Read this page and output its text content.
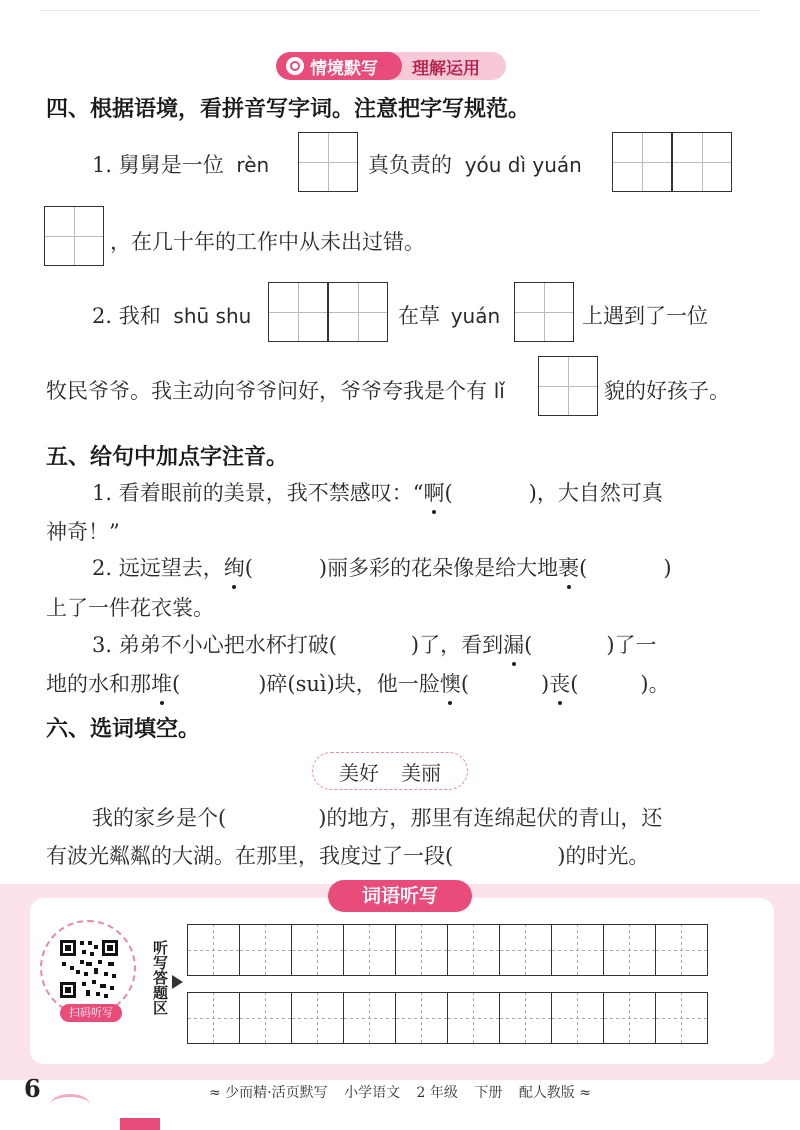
情境默写	理解运用
四、根据语境，看拼音写字词。注意把字写规范。
1. 舅舅是一位 rèn	真负责的 yóu dì yuán
，在几十年的工作中从未出过错。
2. 我和 shū shu	在草 yuán	上遇到了一位
牧民爷爷。我主动向爷爷问好，爷爷夸我是个有 lǐ	貌的好孩子。
五、给句中加点字注音。
1. 看着眼前的美景，我不禁感叹：“啊(	)，大自然可真
神奇！”
2. 远远望去，绚(	)丽多彩的花朵像是给大地裹(	)
上了一件花衣裳。
3. 弟弟不小心把水杯打破(	)了，看到漏(	)了一
地的水和那堆(	)碎(suì)块，他一脸懊(	)丧(	)。
六、选词填空。
美好 美丽
我的家乡是个(	)的地方，那里有连绵起伏的青山，还
有波光粼粼的大湖。在那里，我度过了一段(	)的时光。
词语听写
扫码听写	听写答题区
6	≈ 少而精·活页默写 小学语文 2 年级 下册 配人教版 ≈
